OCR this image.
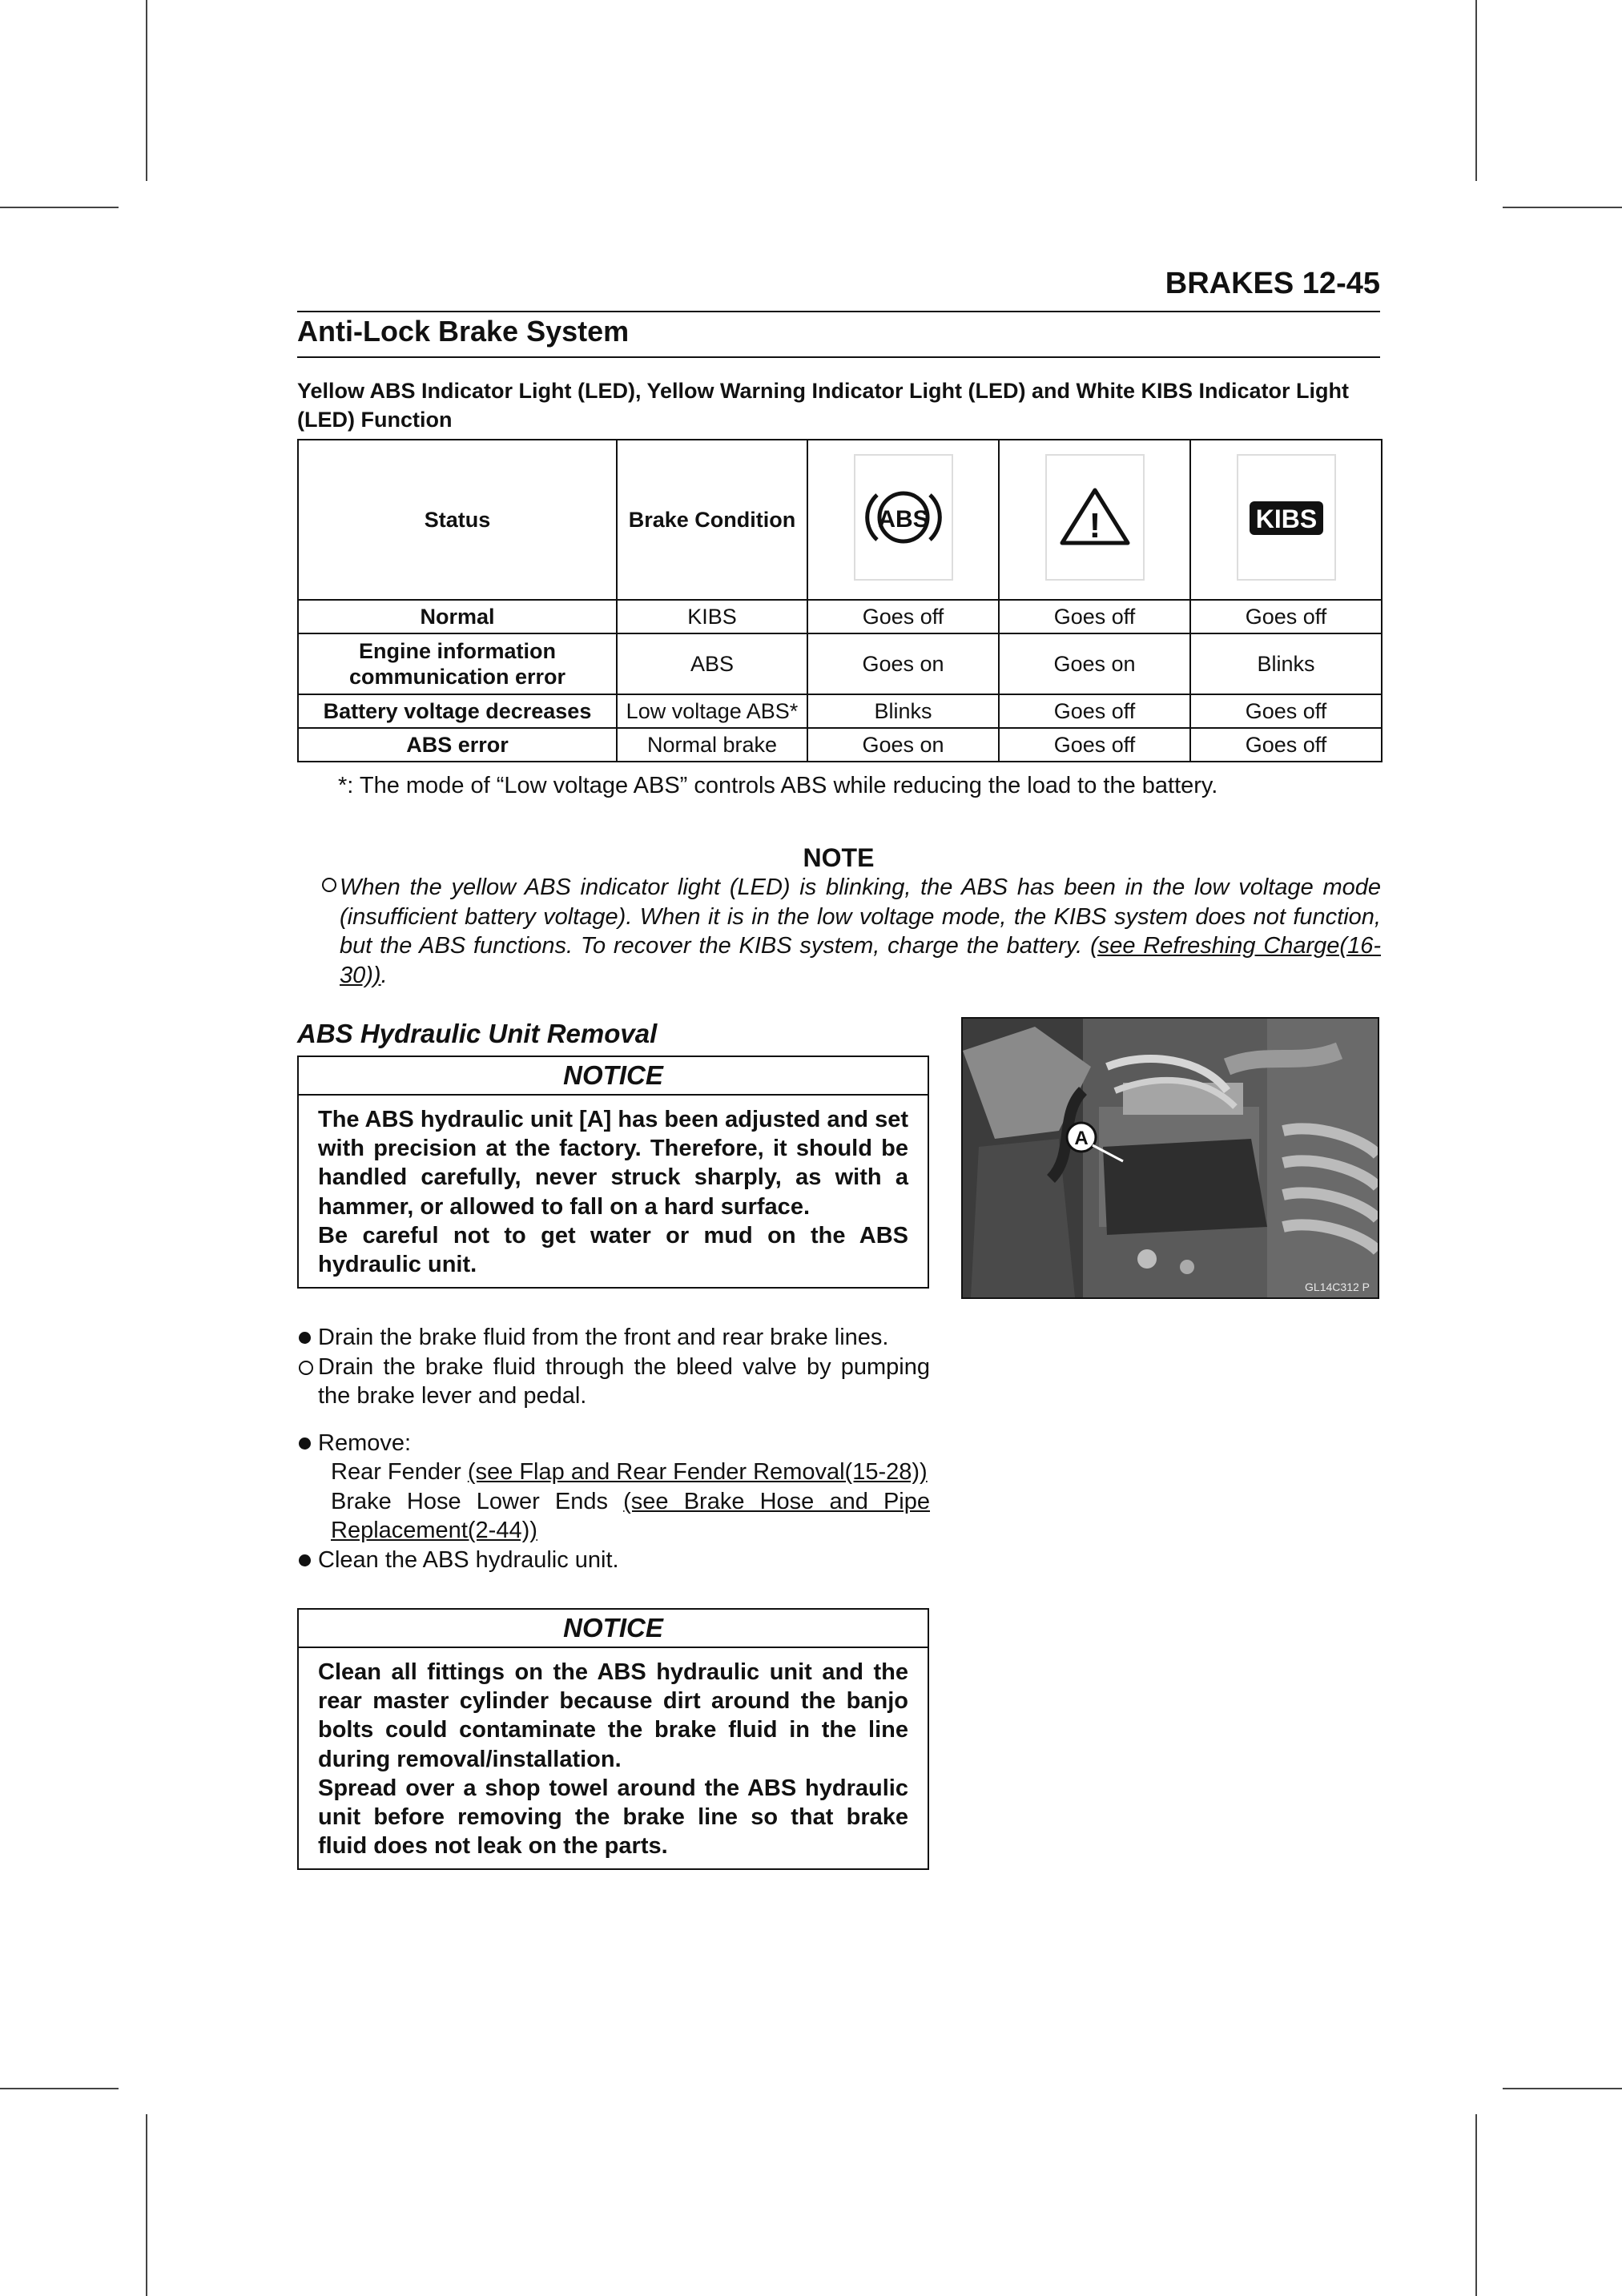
BRAKES 12-45
Anti-Lock Brake System
Yellow ABS Indicator Light (LED), Yellow Warning Indicator Light (LED) and White KIBS Indicator Light (LED) Function
Status	Brake Condition	ABS	!	KIBS

Normal	KIBS	Goes off	Goes off	Goes off
Engine information communication error	ABS	Goes on	Goes on	Blinks
Battery voltage decreases	Low voltage ABS*	Blinks	Goes off	Goes off
ABS error	Normal brake	Goes on	Goes off	Goes off
*: The mode of “Low voltage ABS” controls ABS while reducing the load to the battery.
NOTE

When the yellow ABS indicator light (LED) is blinking, the ABS has been in the low voltage mode (insufficient battery voltage). When it is in the low voltage mode, the KIBS system does not function, but the ABS functions. To recover the KIBS system, charge the battery. (see Refreshing Charge(16-30)).

ABS Hydraulic Unit Removal
NOTICE

The ABS hydraulic unit [A] has been adjusted and set with precision at the factory. Therefore, it should be handled carefully, never struck sharply, as with a hammer, or allowed to fall on a hard surface.

Be careful not to get water or mud on the ABS hydraulic unit.

A
GL14C312 P
Drain the brake fluid from the front and rear brake lines.
Drain the brake fluid through the bleed valve by pumping the brake lever and pedal.
Remove:
Rear Fender (see Flap and Rear Fender Removal(15-28))
Brake Hose Lower Ends (see Brake Hose and Pipe Replacement(2-44))
Clean the ABS hydraulic unit.
NOTICE

Clean all fittings on the ABS hydraulic unit and the rear master cylinder because dirt around the banjo bolts could contaminate the brake fluid in the line during removal/installation.

Spread over a shop towel around the ABS hydraulic unit before removing the brake line so that brake fluid does not leak on the parts.
